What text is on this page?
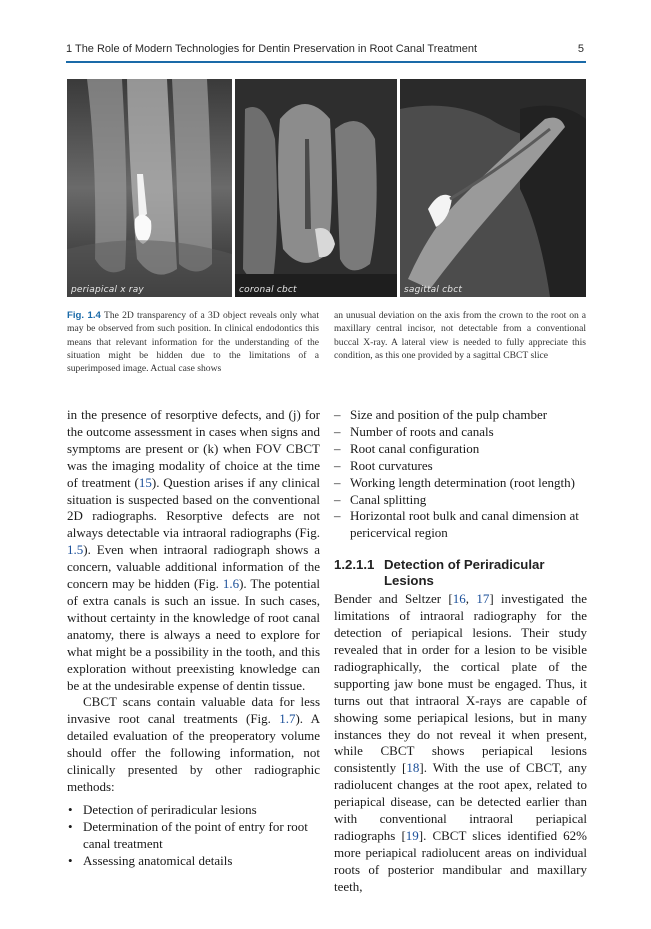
1 The Role of Modern Technologies for Dentin Preservation in Root Canal Treatment	5
periapical x ray	coronal cbct	sagittal cbct
Fig. 1.4 The 2D transparency of a 3D object reveals only what may be observed from such position. In clinical endodontics this means that relevant information for the understanding of the situation might be hidden due to the limitations of a superimposed image. Actual case shows
an unusual deviation on the axis from the crown to the root on a maxillary central incisor, not detectable from a conventional buccal X-ray. A lateral view is needed to fully appreciate this condition, as this one provided by a sagittal CBCT slice

in the presence of resorptive defects, and (j) for the outcome assessment in cases when signs and symptoms are present or (k) when FOV CBCT was the imaging modality of choice at the time of treatment (15). Question arises if any clinical situation is suspected based on the conventional 2D radiographs. Resorptive defects are not always detectable via intraoral radiographs (Fig. 1.5). Even when intraoral radiograph shows a concern, valuable additional information of the concern may be hidden (Fig. 1.6). The potential of extra canals is such an issue. In such cases, without certainty in the knowledge of root canal anatomy, there is always a need to explore for what might be a possibility in the tooth, and this exploration without preexisting knowledge can be at the undesirable expense of dentin tissue.

CBCT scans contain valuable data for less invasive root canal treatments (Fig. 1.7). A detailed evaluation of the preoperatory volume should offer the following information, not clinically presented by other radiographic methods:

• Detection of periradicular lesions
• Determination of the point of entry for root canal treatment
• Assessing anatomical details
– Size and position of the pulp chamber
– Number of roots and canals
– Root canal configuration
– Root curvatures
– Working length determination (root length)
– Canal splitting
– Horizontal root bulk and canal dimension at pericervical region
1.2.1.1 Detection of Periradicular
Lesions

Bender and Seltzer [16, 17] investigated the limitations of intraoral radiography for the detection of periapical lesions. Their study revealed that in order for a lesion to be visible radiographically, the cortical plate of the supporting jaw bone must be engaged. Thus, it turns out that intraoral X-rays are capable of showing some periapical lesions, but in many instances they do not reveal it when present, while CBCT shows periapical lesions consistently [18]. With the use of CBCT, any radiolucent changes at the root apex, related to periapical disease, can be detected earlier than with conventional intraoral periapical radiographs [19]. CBCT slices identified 62% more periapical radiolucent areas on individual roots of posterior mandibular and maxillary teeth,
